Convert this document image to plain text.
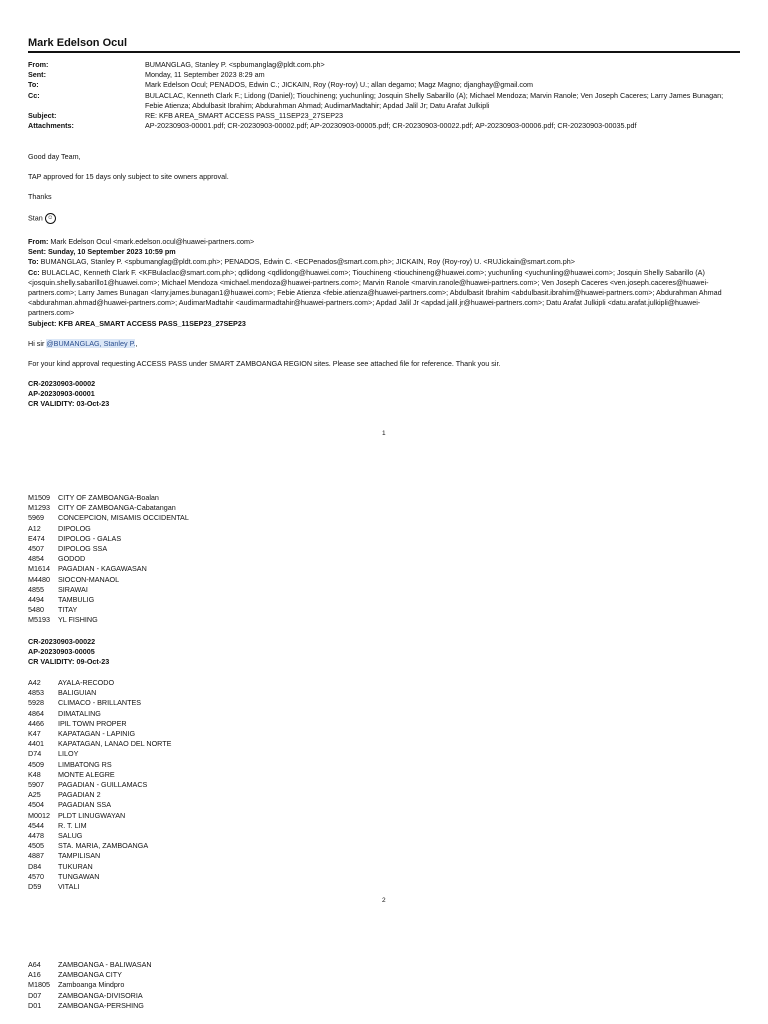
Mark Edelson Ocul
From:	BUMANGLAG, Stanley P. <spbumanglag@pldt.com.ph>
Sent:	Monday, 11 September 2023 8:29 am
To:	Mark Edelson Ocul; PENADOS, Edwin C.; JICKAIN, Roy (Roy-roy) U.; allan degamo; Magz Magno; djanghay@gmail.com
Cc:	BULACLAC, Kenneth Clark F.; Lidong (Daniel); Tiouchineng; yuchunling; Josquin Shelly Sabarillo (A); Michael Mendoza; Marvin Ranole; Ven Joseph Caceres; Larry James Bunagan; Febie Atienza; Abdulbasit Ibrahim; Abdurahman Ahmad; AudimarMadtahir; Apdad Jalil Jr; Datu Arafat Julkipli
Subject:	RE: KFB AREA_SMART ACCESS PASS_11SEP23_27SEP23
Attachments:	AP-20230903-00001.pdf; CR-20230903-00002.pdf; AP-20230903-00005.pdf; CR-20230903-00022.pdf; AP-20230903-00006.pdf; CR-20230903-00035.pdf

Good day Team,

TAP approved for 15 days only subject to site owners approval.

Thanks

Stan ☺

From: Mark Edelson Ocul <mark.edelson.ocul@huawei-partners.com>

Sent: Sunday, 10 September 2023 10:59 pm

To: BUMANGLAG, Stanley P. <spbumanglag@pldt.com.ph>; PENADOS, Edwin C. <ECPenados@smart.com.ph>; JICKAIN, Roy (Roy-roy) U. <RUJickain@smart.com.ph>

Cc: BULACLAC, Kenneth Clark F. <KFBulaclac@smart.com.ph>; qdlidong <qdlidong@huawei.com>; Tiouchineng <tiouchineng@huawei.com>; yuchunling <yuchunling@huawei.com>; Josquin Shelly Sabarillo (A) <josquin.shelly.sabarillo1@huawei.com>; Michael Mendoza <michael.mendoza@huawei-partners.com>; Marvin Ranole <marvin.ranole@huawei-partners.com>; Ven Joseph Caceres <ven.joseph.caceres@huawei-partners.com>; Larry James Bunagan <larry.james.bunagan1@huawei.com>; Febie Atienza <febie.atienza@huawei-partners.com>; Abdulbasit Ibrahim <abdulbasit.ibrahim@huawei-partners.com>; Abdurahman Ahmad <abdurahman.ahmad@huawei-partners.com>; AudimarMadtahir <audimarmadtahir@huawei-partners.com>; Apdad Jalil Jr <apdad.jalil.jr@huawei-partners.com>; Datu Arafat Julkipli <datu.arafat.julkipli@huawei-partners.com>

Subject: KFB AREA_SMART ACCESS PASS_11SEP23_27SEP23

Hi sir @BUMANGLAG, Stanley P.,

For your kind approval requesting ACCESS PASS under SMART ZAMBOANGA REGION sites. Please see attached file for reference. Thank you sir.

CR-20230903-00002

AP-20230903-00001

CR VALIDITY: 03-Oct-23

1
M1509	CITY OF ZAMBOANGA-Boalan
M1293	CITY OF ZAMBOANGA-Cabatangan
5969	CONCEPCION, MISAMIS OCCIDENTAL
A12	DIPOLOG
E474	DIPOLOG - GALAS
4507	DIPOLOG SSA
4854	GODOD
M1614	PAGADIAN - KAGAWASAN
M4480	SIOCON-MANAOL
4855	SIRAWAI
4494	TAMBULIG
5480	TITAY
M5193	YL FISHING

CR-20230903-00022

AP-20230903-00005

CR VALIDITY: 09-Oct-23

A42	AYALA-RECODO
4853	BALIGUIAN
5928	CLIMACO - BRILLANTES
4864	DIMATALING
4466	IPIL TOWN PROPER
K47	KAPATAGAN - LAPINIG
4401	KAPATAGAN, LANAO DEL NORTE
D74	LILOY
4509	LIMBATONG RS
K48	MONTE ALEGRE
5907	PAGADIAN - GUILLAMACS
A25	PAGADIAN 2
4504	PAGADIAN SSA
M0012	PLDT LINUGWAYAN
4544	R. T. LIM
4478	SALUG
4505	STA. MARIA, ZAMBOANGA
4887	TAMPILISAN
D84	TUKURAN
4570	TUNGAWAN
D59	VITALI
2
A64	ZAMBOANGA - BALIWASAN
A16	ZAMBOANGA CITY
M1805	Zamboanga Mindpro
D07	ZAMBOANGA-DIVISORIA
D01	ZAMBOANGA-PERSHING
